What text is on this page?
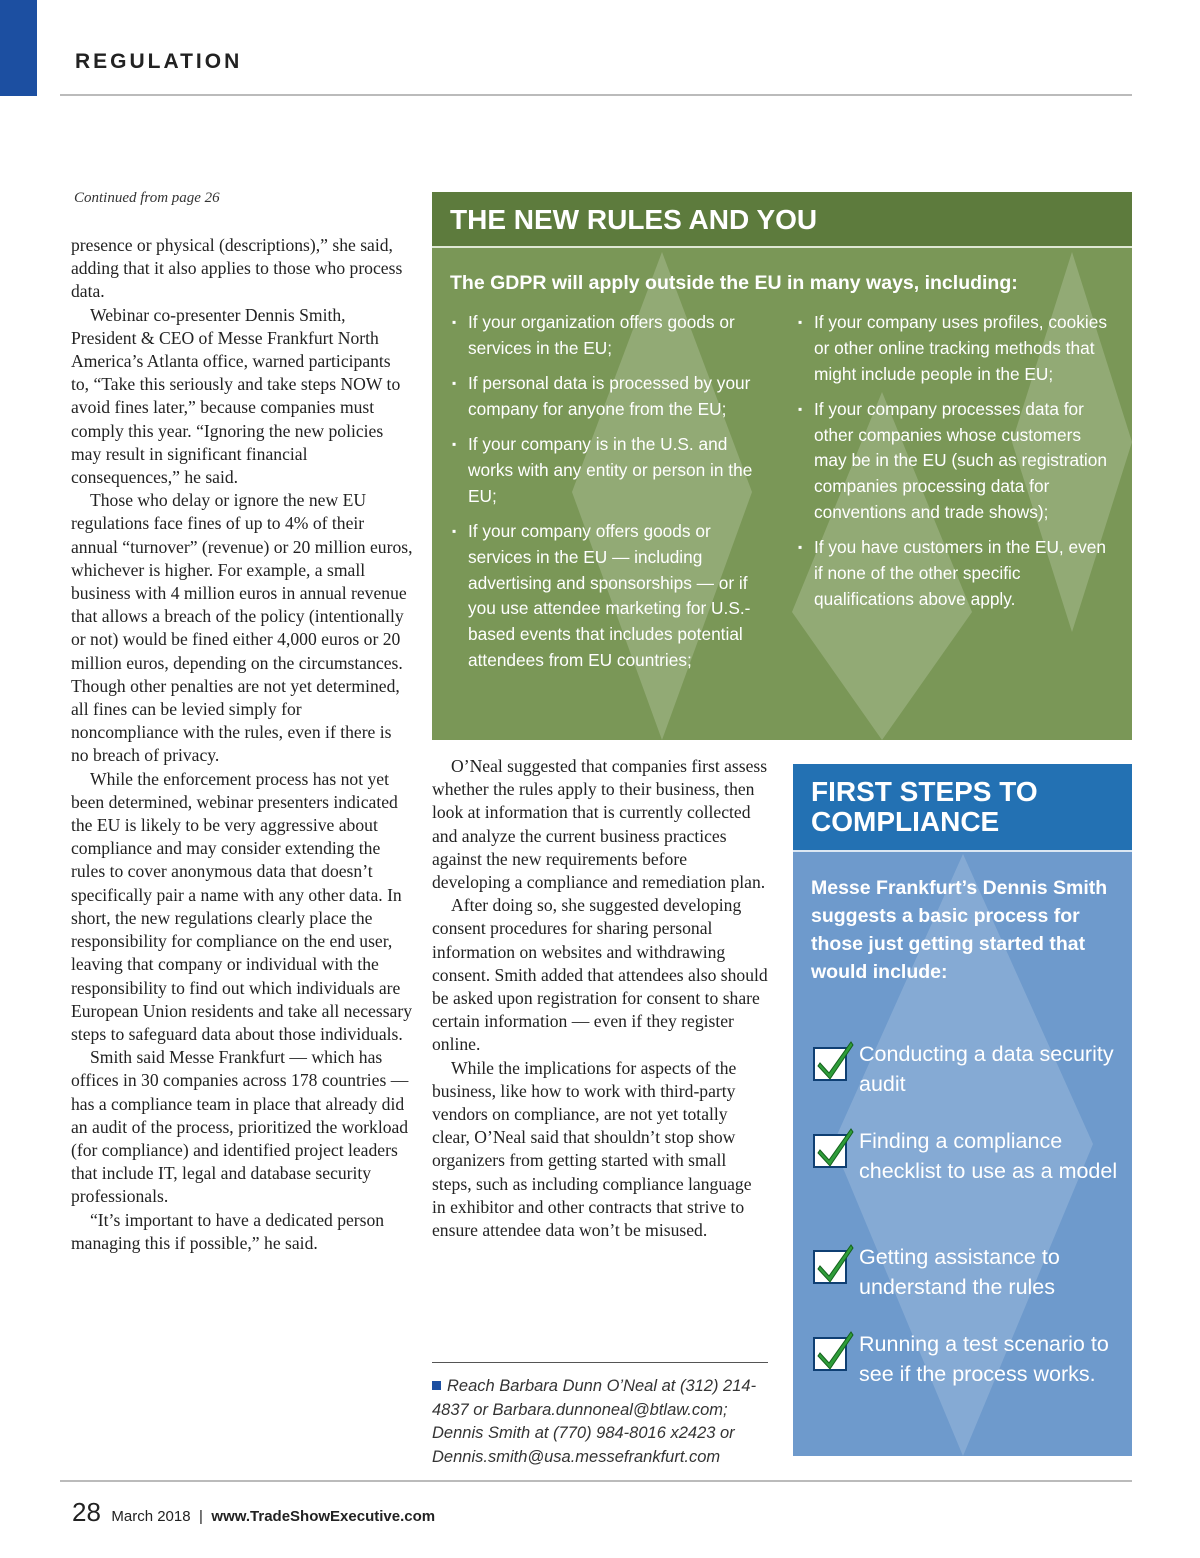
REGULATION
Continued from page 26

presence or physical (descriptions),” she said, adding that it also applies to those who process data.

Webinar co-presenter Dennis Smith, President & CEO of Messe Frankfurt North America’s Atlanta office, warned participants to, “Take this seriously and take steps NOW to avoid fines later,” because companies must comply this year. “Ignoring the new policies may result in significant financial consequences,” he said.

Those who delay or ignore the new EU regulations face fines of up to 4% of their annual “turnover” (revenue) or 20 million euros, whichever is higher. For example, a small business with 4 million euros in annual revenue that allows a breach of the policy (intentionally or not) would be fined either 4,000 euros or 20 million euros, depending on the circumstances. Though other penalties are not yet determined, all fines can be levied simply for noncompliance with the rules, even if there is no breach of privacy.

While the enforcement process has not yet been determined, webinar presenters indicated the EU is likely to be very aggressive about compliance and may consider extending the rules to cover anonymous data that doesn’t specifically pair a name with any other data. In short, the new regulations clearly place the responsibility for compliance on the end user, leaving that company or individual with the responsibility to find out which individuals are European Union residents and take all necessary steps to safeguard data about those individuals.

Smith said Messe Frankfurt — which has offices in 30 companies across 178 countries — has a compliance team in place that already did an audit of the process, prioritized the workload (for compliance) and identified project leaders that include IT, legal and database security professionals.

“It’s important to have a dedicated person managing this if possible,” he said.

THE NEW RULES AND YOU
The GDPR will apply outside the EU in many ways, including:
▪ If your organization offers goods or services in the EU;
▪ If personal data is processed by your company for anyone from the EU;
▪ If your company is in the U.S. and works with any entity or person in the EU;
▪ If your company offers goods or services in the EU — including advertising and sponsorships — or if you use attendee marketing for U.S.-based events that includes potential attendees from EU countries;
▪ If your company uses profiles, cookies or other online tracking methods that might include people in the EU;
▪ If your company processes data for other companies whose customers may be in the EU (such as registration companies processing data for conventions and trade shows);
▪ If you have customers in the EU, even if none of the other specific qualifications above apply.

O’Neal suggested that companies first assess whether the rules apply to their business, then look at information that is currently collected and analyze the current business practices against the new requirements before developing a compliance and remediation plan.

After doing so, she suggested developing consent procedures for sharing personal information on websites and withdrawing consent. Smith added that attendees also should be asked upon registration for consent to share certain information — even if they register online.

While the implications for aspects of the business, like how to work with third-party vendors on compliance, are not yet totally clear, O’Neal said that shouldn’t stop show organizers from getting started with small steps, such as including compliance language in exhibitor and other contracts that strive to ensure attendee data won’t be misused.

Reach Barbara Dunn O’Neal at (312) 214-4837 or Barbara.dunnoneal@btlaw.com; Dennis Smith at (770) 984-8016 x2423 or Dennis.smith@usa.messefrankfurt.com
FIRST STEPS TO
COMPLIANCE
Messe Frankfurt’s Dennis Smith suggests a basic process for those just getting started that would include:
Conducting a data security audit
Finding a compliance checklist to use as a model
Getting assistance to understand the rules
Running a test scenario to see if the process works.
28 March 2018 | www.TradeShowExecutive.com
